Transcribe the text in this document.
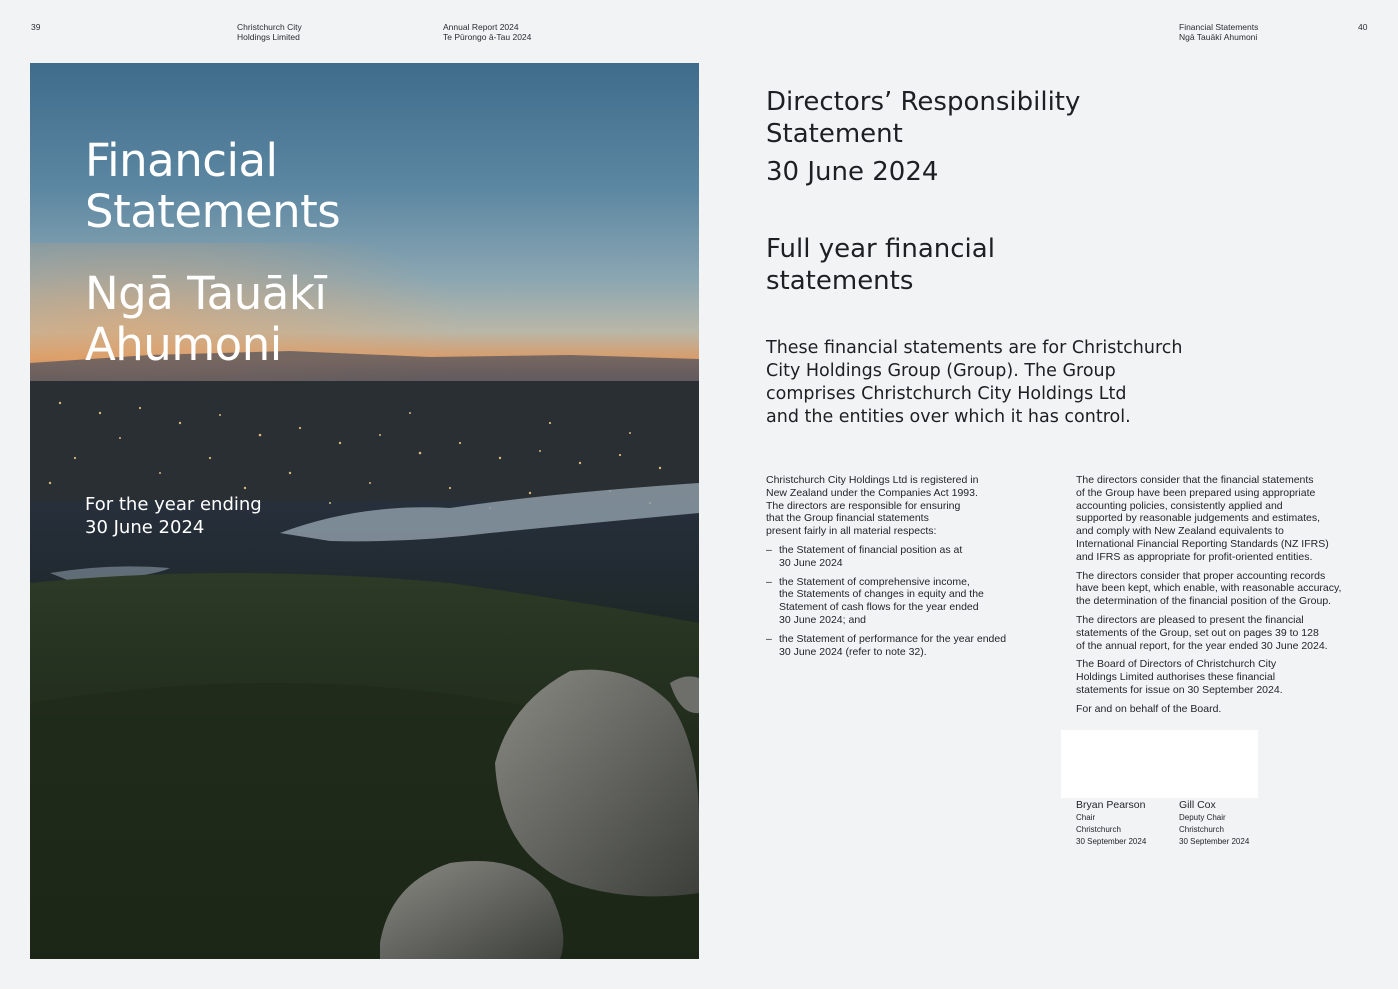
39	Christchurch City
Holdings Limited
Annual Report 2024
Te Pūrongo ā-Tau 2024
Financial Statements
Ngā Tauākī Ahumoni
40
Financial
Statements
Ngā Tauākī
Ahumoni
For the year ending
30 June 2024
Directors’ Responsibility
Statement
30 June 2024
Full year financial
statements
These financial statements are for Christchurch
City Holdings Group (Group). The Group
comprises Christchurch City Holdings Ltd
and the entities over which it has control.

Christchurch City Holdings Ltd is registered in
New Zealand under the Companies Act 1993.
The directors are responsible for ensuring
that the Group financial statements
present fairly in all material respects:

– the Statement of financial position as at
30 June 2024
– the Statement of comprehensive income,
the Statements of changes in equity and the
Statement of cash flows for the year ended
30 June 2024; and
– the Statement of performance for the year ended
30 June 2024 (refer to note 32).

The directors consider that the financial statements
of the Group have been prepared using appropriate
accounting policies, consistently applied and
supported by reasonable judgements and estimates,
and comply with New Zealand equivalents to
International Financial Reporting Standards (NZ IFRS)
and IFRS as appropriate for profit-oriented entities.

The directors consider that proper accounting records
have been kept, which enable, with reasonable accuracy,
the determination of the financial position of the Group.

The directors are pleased to present the financial
statements of the Group, set out on pages 39 to 128
of the annual report, for the year ended 30 June 2024.

The Board of Directors of Christchurch City
Holdings Limited authorises these financial
statements for issue on 30 September 2024.

For and on behalf of the Board.

Bryan Pearson
Chair
Christchurch
30 September 2024
Gill Cox
Deputy Chair
Christchurch
30 September 2024
